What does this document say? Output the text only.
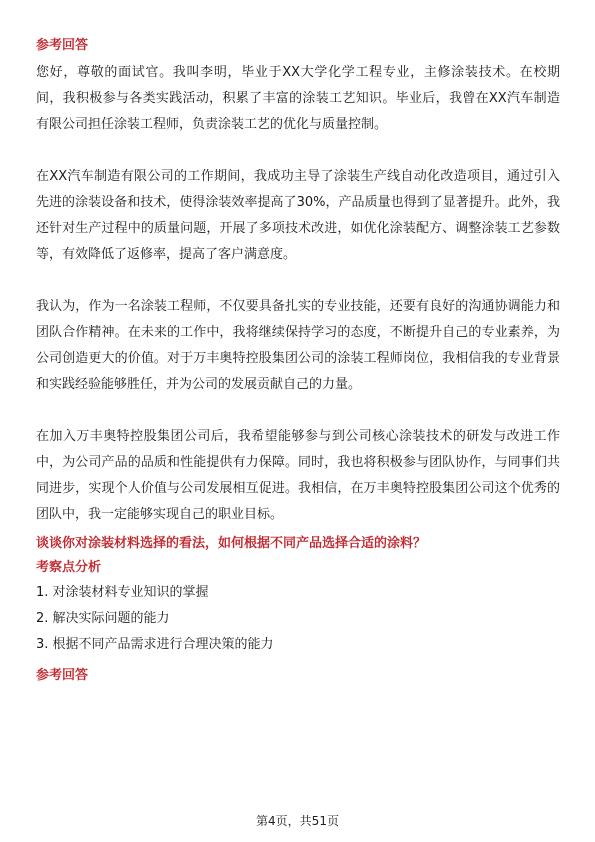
参考回答

您好，尊敬的面试官。我叫李明，毕业于XX大学化学工程专业，主修涂装技术。在校期间，我积极参与各类实践活动，积累了丰富的涂装工艺知识。毕业后，我曾在XX汽车制造有限公司担任涂装工程师，负责涂装工艺的优化与质量控制。

在XX汽车制造有限公司的工作期间，我成功主导了涂装生产线自动化改造项目，通过引入先进的涂装设备和技术，使得涂装效率提高了30%，产品质量也得到了显著提升。此外，我还针对生产过程中的质量问题，开展了多项技术改进，如优化涂装配方、调整涂装工艺参数等，有效降低了返修率，提高了客户满意度。

我认为，作为一名涂装工程师，不仅要具备扎实的专业技能，还要有良好的沟通协调能力和团队合作精神。在未来的工作中，我将继续保持学习的态度，不断提升自己的专业素养，为公司创造更大的价值。对于万丰奥特控股集团公司的涂装工程师岗位，我相信我的专业背景和实践经验能够胜任，并为公司的发展贡献自己的力量。

在加入万丰奥特控股集团公司后，我希望能够参与到公司核心涂装技术的研发与改进工作中，为公司产品的品质和性能提供有力保障。同时，我也将积极参与团队协作，与同事们共同进步，实现个人价值与公司发展相互促进。我相信，在万丰奥特控股集团公司这个优秀的团队中，我一定能够实现自己的职业目标。

谈谈你对涂装材料选择的看法，如何根据不同产品选择合适的涂料？

考察点分析

1. 对涂装材料专业知识的掌握
2. 解决实际问题的能力
3. 根据不同产品需求进行合理决策的能力

参考回答

第4页，共51页
